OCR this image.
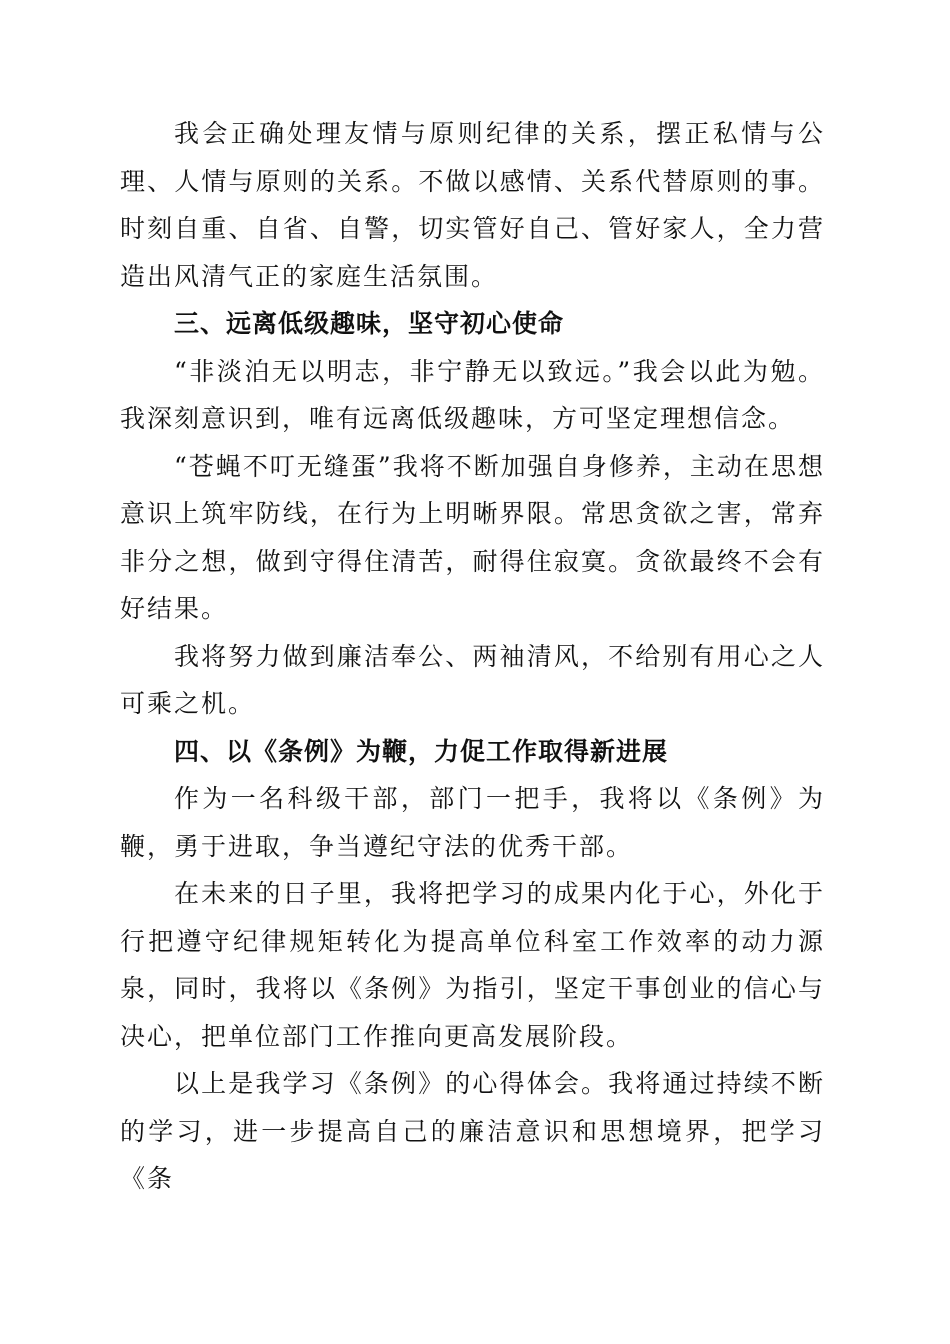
我会正确处理友情与原则纪律的关系，摆正私情与公理、人情与原则的关系。不做以感情、关系代替原则的事。时刻自重、自省、自警，切实管好自己、管好家人，全力营造出风清气正的家庭生活氛围。

三、远离低级趣味，坚守初心使命

“非淡泊无以明志，非宁静无以致远。”我会以此为勉。我深刻意识到，唯有远离低级趣味，方可坚定理想信念。

“苍蝇不叮无缝蛋”我将不断加强自身修养，主动在思想意识上筑牢防线，在行为上明晰界限。常思贪欲之害，常弃非分之想，做到守得住清苦，耐得住寂寞。贪欲最终不会有好结果。

我将努力做到廉洁奉公、两袖清风，不给别有用心之人可乘之机。

四、以《条例》为鞭，力促工作取得新进展

作为一名科级干部，部门一把手，我将以《条例》为鞭，勇于进取，争当遵纪守法的优秀干部。

在未来的日子里，我将把学习的成果内化于心，外化于行把遵守纪律规矩转化为提高单位科室工作效率的动力源泉，同时，我将以《条例》为指引，坚定干事创业的信心与决心，把单位部门工作推向更高发展阶段。

以上是我学习《条例》的心得体会。我将通过持续不断的学习，进一步提高自己的廉洁意识和思想境界，把学习《条
